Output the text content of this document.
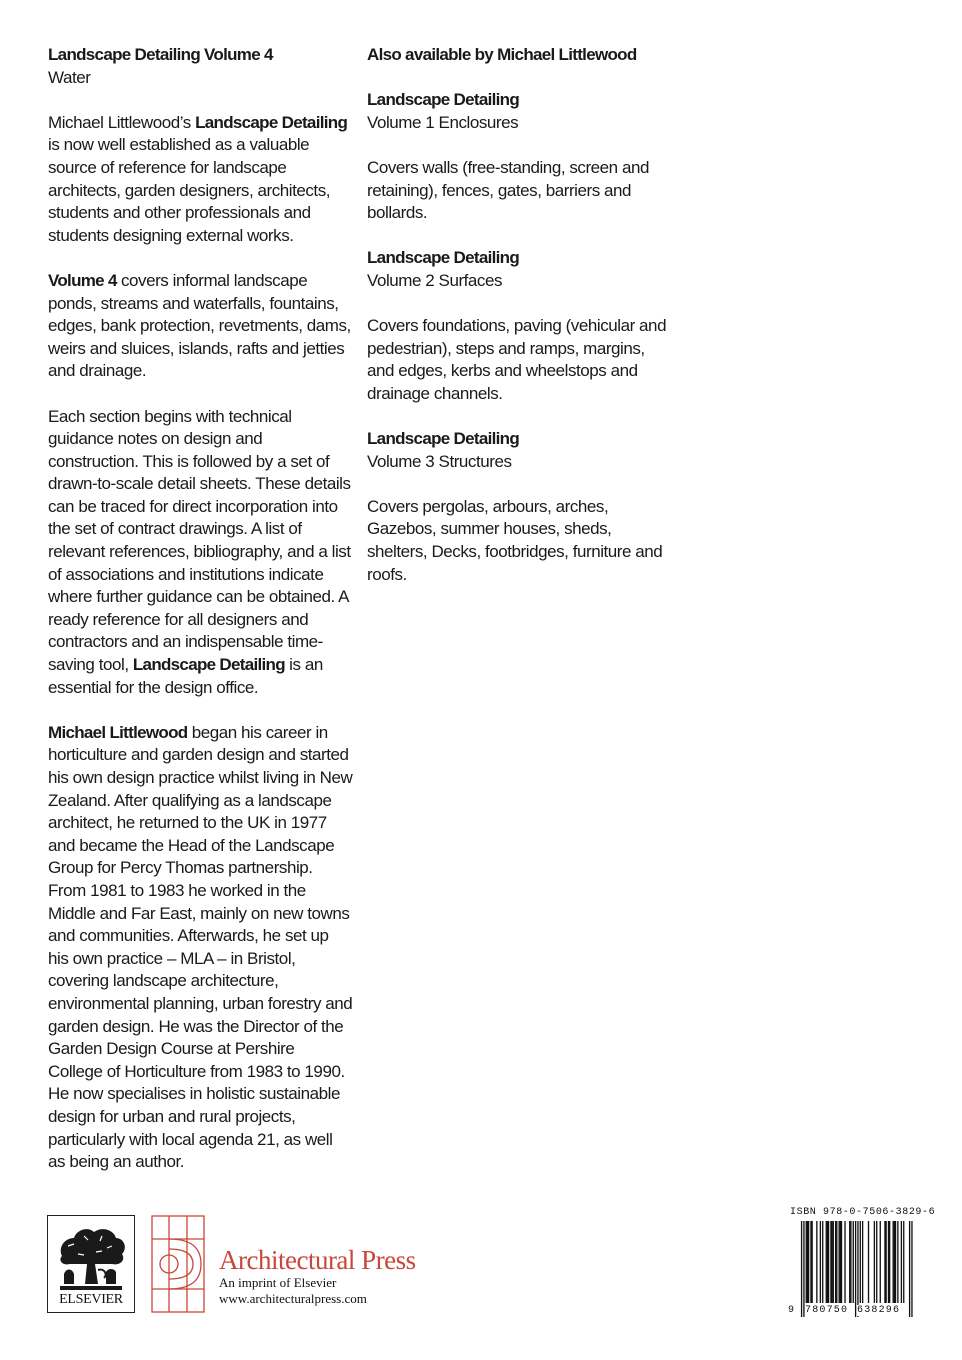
Landscape Detailing Volume 4
Water

Michael Littlewood’s Landscape Detailing is now well established as a valuable source of reference for landscape architects, garden designers, architects, students and other professionals and students designing external works.

Volume 4 covers informal landscape ponds, streams and waterfalls, fountains, edges, bank protection, revetments, dams, weirs and sluices, islands, rafts and jetties and drainage.

Each section begins with technical guidance notes on design and construction. This is followed by a set of drawn-to-scale detail sheets. These details can be traced for direct incorporation into the set of contract drawings. A list of relevant references, bibliography, and a list of associations and institutions indicate where further guidance can be obtained. A ready reference for all designers and contractors and an indispensable time-saving tool, Landscape Detailing is an essential for the design office.

Michael Littlewood began his career in horticulture and garden design and started his own design practice whilst living in New Zealand. After qualifying as a landscape architect, he returned to the UK in 1977 and became the Head of the Landscape Group for Percy Thomas partnership. From 1981 to 1983 he worked in the Middle and Far East, mainly on new towns and communities. Afterwards, he set up his own practice – MLA – in Bristol, covering landscape architecture, environmental planning, urban forestry and garden design. He was the Director of the Garden Design Course at Pershire College of Horticulture from 1983 to 1990. He now specialises in holistic sustainable design for urban and rural projects, particularly with local agenda 21, as well as being an author.

Also available by Michael Littlewood

Landscape Detailing
Volume 1 Enclosures

Covers walls (free-standing, screen and retaining), fences, gates, barriers and bollards.

Landscape Detailing
Volume 2 Surfaces

Covers foundations, paving (vehicular and pedestrian), steps and ramps, margins, and edges, kerbs and wheelstops and drainage channels.

Landscape Detailing
Volume 3 Structures

Covers pergolas, arbours, arches, Gazebos, summer houses, sheds, shelters, Decks, footbridges, furniture and roofs.

ELSEVIER
Architectural Press
An imprint of Elsevier
www.architecturalpress.com
ISBN 978-0-7506-3829-6
9 780750 638296
